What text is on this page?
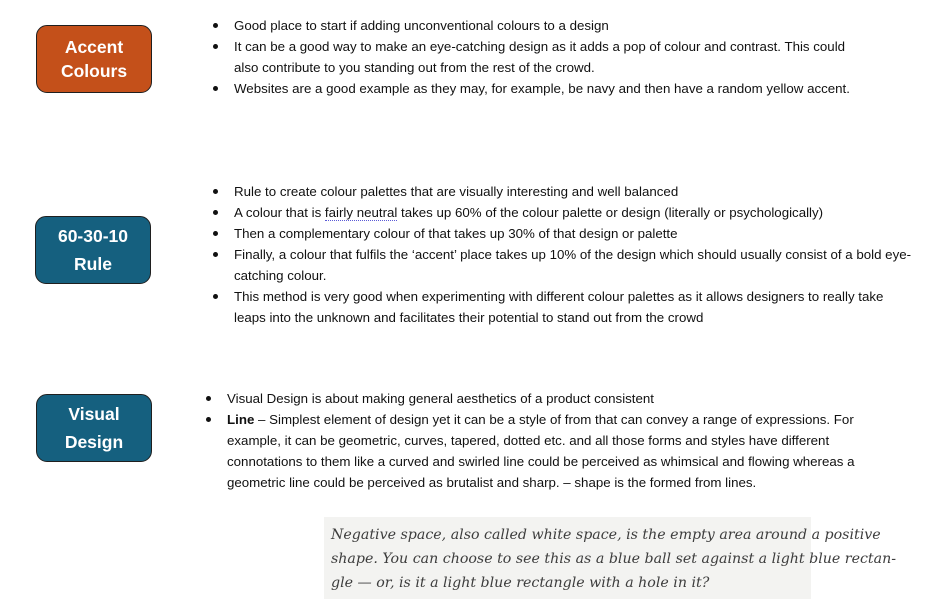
Accent
Colours
Good place to start if adding unconventional colours to a design
It can be a good way to make an eye-catching design as it adds a pop of colour and contrast. This could also contribute to you standing out from the rest of the crowd.
Websites are a good example as they may, for example, be navy and then have a random yellow accent.
60-30-10
Rule
Rule to create colour palettes that are visually interesting and well balanced
A colour that is fairly neutral takes up 60% of the colour palette or design (literally or psychologically)
Then a complementary colour of that takes up 30% of that design or palette
Finally, a colour that fulfils the ‘accent’ place takes up 10% of the design which should usually consist of a bold eye-catching colour.
This method is very good when experimenting with different colour palettes as it allows designers to really take leaps into the unknown and facilitates their potential to stand out from the crowd
Visual
Design
Visual Design is about making general aesthetics of a product consistent
Line – Simplest element of design yet it can be a style of from that can convey a range of expressions. For example, it can be geometric, curves, tapered, dotted etc. and all those forms and styles have different connotations to them like a curved and swirled line could be perceived as whimsical and flowing whereas a geometric line could be perceived as brutalist and sharp. – shape is the formed from lines.
Negative space, also called white space, is the empty area around a positive
shape. You can choose to see this as a blue ball set against a light blue rectan-
gle — or, is it a light blue rectangle with a hole in it?
